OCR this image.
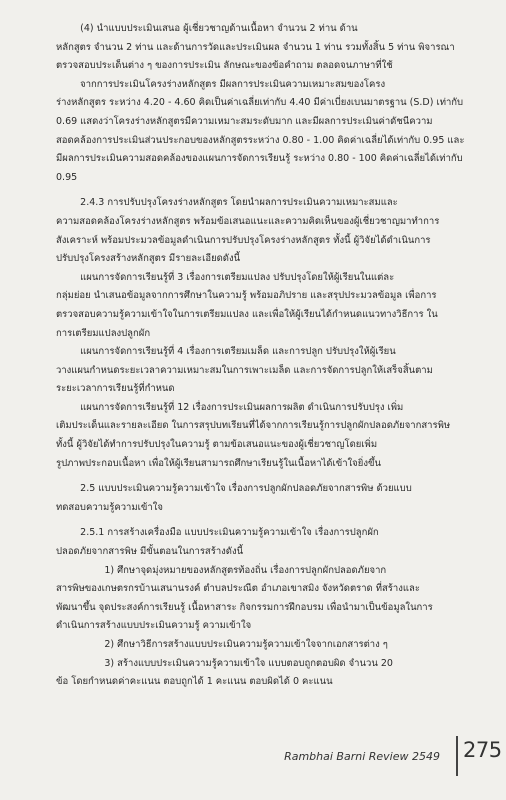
(4) นำแบบประเมินเสนอ ผู้เชี่ยวชาญด้านเนื้อหา จำนวน 2 ท่าน ด้าน
หลักสูตร จำนวน 2 ท่าน และด้านการวัดและประเมินผล จำนวน 1 ท่าน รวมทั้งสิ้น 5 ท่าน พิจารณา
ตรวจสอบประเด็นต่าง ๆ ของการประเมิน ลักษณะของข้อคำถาม ตลอดจนภาษาที่ใช้
จากการประเมินโครงร่างหลักสูตร มีผลการประเมินความเหมาะสมของโครง
ร่างหลักสูตร ระหว่าง 4.20 - 4.60 คิดเป็นค่าเฉลี่ยเท่ากับ 4.40 มีค่าเบี่ยงเบนมาตรฐาน (S.D) เท่ากับ
0.69 แสดงว่าโครงร่างหลักสูตรมีความเหมาะสมระดับมาก และมีผลการประเมินค่าดัชนีความ
สอดคล้องการประเมินส่วนประกอบของหลักสูตรระหว่าง 0.80 - 1.00 คิดค่าเฉลี่ยได้เท่ากับ 0.95 และ
มีผลการประเมินความสอดคล้องของแผนการจัดการเรียนรู้ ระหว่าง 0.80 - 100 คิดค่าเฉลี่ยได้เท่ากับ
0.95
2.4.3 การปรับปรุงโครงร่างหลักสูตร โดยนำผลการประเมินความเหมาะสมและ
ความสอดคล้องโครงร่างหลักสูตร พร้อมข้อเสนอแนะและความคิดเห็นของผู้เชี่ยวชาญมาทำการ
สังเคราะห์ พร้อมประมวลข้อมูลดำเนินการปรับปรุงโครงร่างหลักสูตร ทั้งนี้ ผู้วิจัยได้ดำเนินการ
ปรับปรุงโครงสร้างหลักสูตร มีรายละเอียดดังนี้
แผนการจัดการเรียนรู้ที่ 3 เรื่องการเตรียมแปลง ปรับปรุงโดยให้ผู้เรียนในแต่ละ
กลุ่มย่อย นำเสนอข้อมูลจากการศึกษาในความรู้ พร้อมอภิปราย และสรุปประมวลข้อมูล เพื่อการ
ตรวจสอบความรู้ความเข้าใจในการเตรียมแปลง และเพื่อให้ผู้เรียนได้กำหนดแนวทางวิธีการ ใน
การเตรียมแปลงปลูกผัก
แผนการจัดการเรียนรู้ที่ 4 เรื่องการเตรียมเมล็ด และการปลูก ปรับปรุงให้ผู้เรียน
วางแผนกำหนดระยะเวลาความเหมาะสมในการเพาะเมล็ด และการจัดการปลูกให้เสร็จสิ้นตาม
ระยะเวลาการเรียนรู้ที่กำหนด
แผนการจัดการเรียนรู้ที่ 12 เรื่องการประเมินผลการผลิต ดำเนินการปรับปรุง เพิ่ม
เติมประเด็นและรายละเอียด ในการสรุปบทเรียนที่ได้จากการเรียนรู้การปลูกผักปลอดภัยจากสารพิษ
ทั้งนี้ ผู้วิจัยได้ทำการปรับปรุงในความรู้ ตามข้อเสนอแนะของผู้เชี่ยวชาญโดยเพิ่ม
รูปภาพประกอบเนื้อหา เพื่อให้ผู้เรียนสามารถศึกษาเรียนรู้ในเนื้อหาได้เข้าใจยิ่งขึ้น
2.5 แบบประเมินความรู้ความเข้าใจ เรื่องการปลูกผักปลอดภัยจากสารพิษ ด้วยแบบ
ทดสอบความรู้ความเข้าใจ
2.5.1 การสร้างเครื่องมือ แบบประเมินความรู้ความเข้าใจ เรื่องการปลูกผัก
ปลอดภัยจากสารพิษ มีขั้นตอนในการสร้างดังนี้
1) ศึกษาจุดมุ่งหมายของหลักสูตรท้องถิ่น เรื่องการปลูกผักปลอดภัยจาก
สารพิษของเกษตรกรบ้านเสนานรงค์ ตำบลประณีต อำเภอเขาสมิง จังหวัดตราด ที่สร้างและ
พัฒนาขึ้น จุดประสงค์การเรียนรู้ เนื้อหาสาระ กิจกรรมการฝึกอบรม เพื่อนำมาเป็นข้อมูลในการ
ดำเนินการสร้างแบบประเมินความรู้ ความเข้าใจ
2) ศึกษาวิธีการสร้างแบบประเมินความรู้ความเข้าใจจากเอกสารต่าง ๆ
3) สร้างแบบประเมินความรู้ความเข้าใจ แบบตอบถูกตอบผิด จำนวน 20
ข้อ โดยกำหนดค่าคะแนน ตอบถูกได้ 1 คะแนน ตอบผิดได้ 0 คะแนน
Rambhai Barni Review 2549 275
